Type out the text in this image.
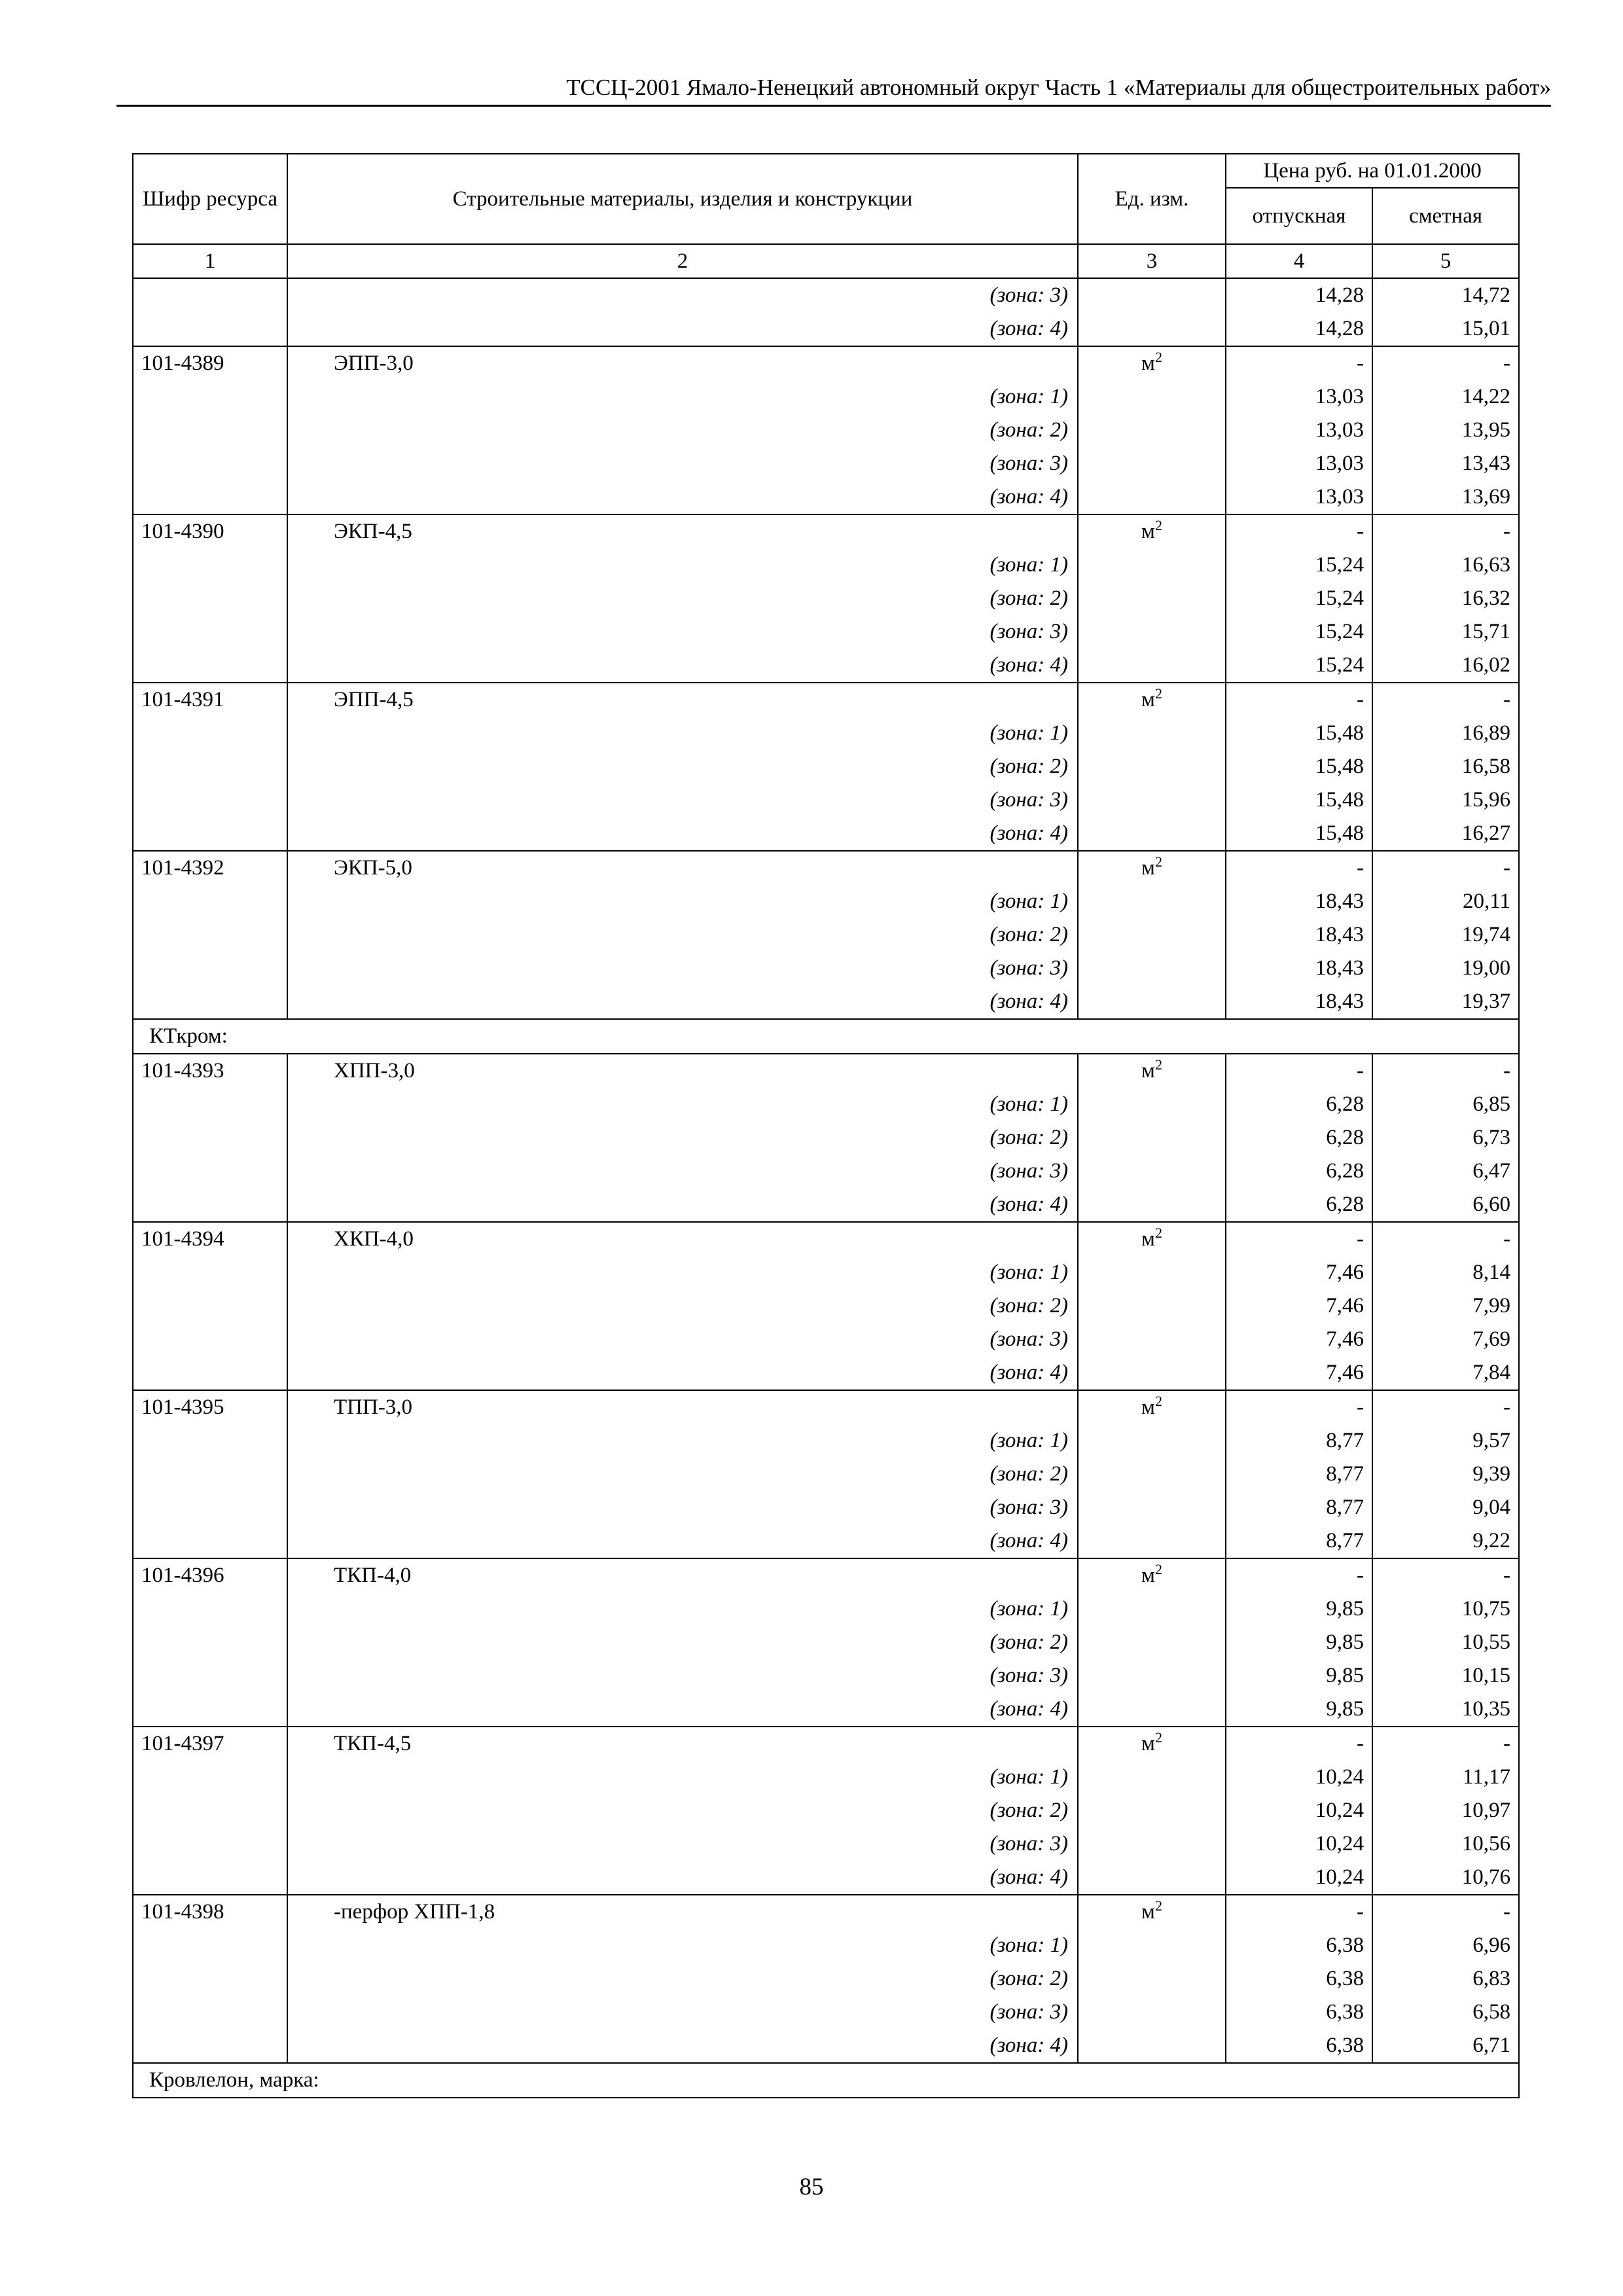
ТССЦ-2001 Ямало-Ненецкий автономный округ Часть 1 «Материалы для общестроительных работ»
Шифр ресурса	Строительные материалы, изделия и конструкции	Ед. изм.	Цена руб. на 01.01.2000	
			отпускная	сметная
1	2	3	4	5
	(зона: 3)		14,28	14,72
	(зона: 4)		14,28	15,01
101-4389	ЭПП-3,0	$м^2$	-	-
	(зона: 1)		13,03	14,22
	(зона: 2)		13,03	13,95
	(зона: 3)		13,03	13,43
	(зона: 4)		13,03	13,69
101-4390	ЭКП-4,5	$м^2$	-	-
	(зона: 1)		15,24	16,63
	(зона: 2)		15,24	16,32
	(зона: 3)		15,24	15,71
	(зона: 4)		15,24	16,02
101-4391	ЭПП-4,5	$м^2$	-	-
	(зона: 1)		15,48	16,89
	(зона: 2)		15,48	16,58
	(зона: 3)		15,48	15,96
	(зона: 4)		15,48	16,27
101-4392	ЭКП-5,0	$м^2$	-	-
	(зона: 1)		18,43	20,11
	(зона: 2)		18,43	19,74
	(зона: 3)		18,43	19,00
	(зона: 4)		18,43	19,37
КТкром:				
101-4393	ХПП-3,0	$м^2$	-	-
	(зона: 1)		6,28	6,85
	(зона: 2)		6,28	6,73
	(зона: 3)		6,28	6,47
	(зона: 4)		6,28	6,60
101-4394	ХКП-4,0	$м^2$	-	-
	(зона: 1)		7,46	8,14
	(зона: 2)		7,46	7,99
	(зона: 3)		7,46	7,69
	(зона: 4)		7,46	7,84
101-4395	ТПП-3,0	$м^2$	-	-
	(зона: 1)		8,77	9,57
	(зона: 2)		8,77	9,39
	(зона: 3)		8,77	9,04
	(зона: 4)		8,77	9,22
101-4396	ТКП-4,0	$м^2$	-	-
	(зона: 1)		9,85	10,75
	(зона: 2)		9,85	10,55
	(зона: 3)		9,85	10,15
	(зона: 4)		9,85	10,35
101-4397	ТКП-4,5	$м^2$	-	-
	(зона: 1)		10,24	11,17
	(зона: 2)		10,24	10,97
	(зона: 3)		10,24	10,56
	(зона: 4)		10,24	10,76
101-4398	-перфор ХПП-1,8	$м^2$	-	-
	(зона: 1)		6,38	6,96
	(зона: 2)		6,38	6,83
	(зона: 3)		6,38	6,58
	(зона: 4)		6,38	6,71
Кровлелон, марка:				
85
